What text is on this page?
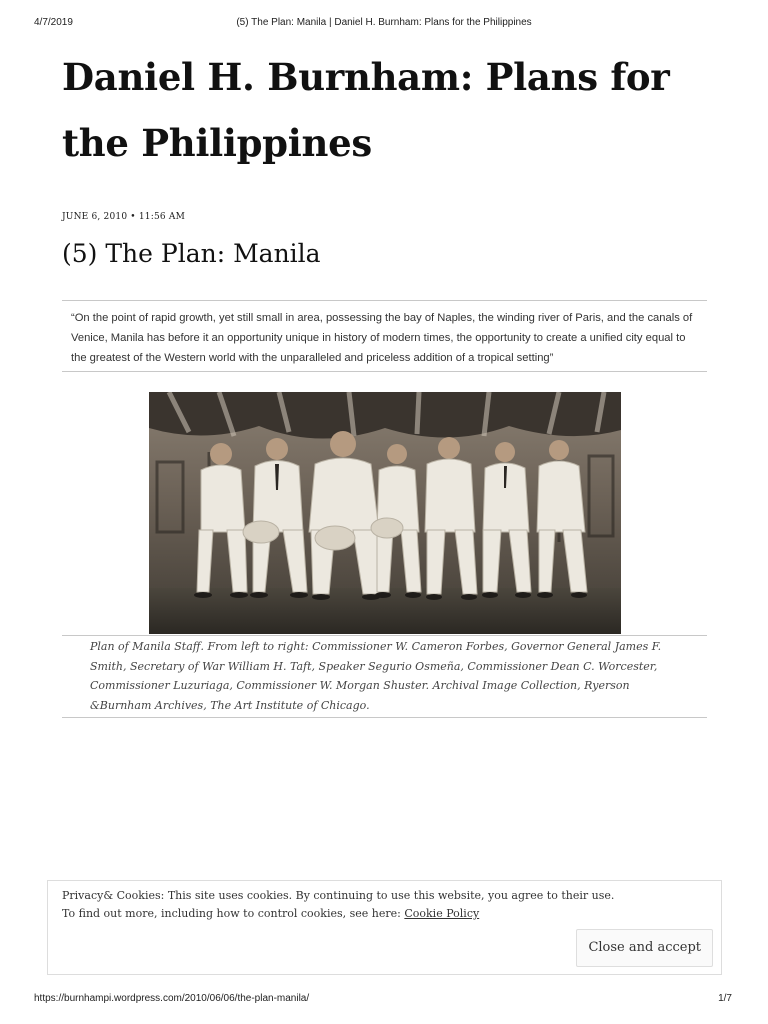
4/7/2019	(5) The Plan: Manila | Daniel H. Burnham: Plans for the Philippines
Daniel H. Burnham: Plans for the Philippines
JUNE 6, 2010 • 11:56 AM
(5) The Plan: Manila
“On the point of rapid growth, yet still small in area, possessing the bay of Naples, the winding river of Paris, and the canals of Venice, Manila has before it an opportunity unique in history of modern times, the opportunity to create a unified city equal to the greatest of the Western world with the unparalleled and priceless addition of a tropical setting”

Plan of Manila Staff. From left to right: Commissioner W. Cameron Forbes, Governor General James F. Smith, Secretary of War William H. Taft, Speaker Segurio Osmeña, Commissioner Dean C. Worcester, Commissioner Luzuriaga, Commissioner W. Morgan Shuster. Archival Image Collection, Ryerson &Burnham Archives, The Art Institute of Chicago.

Privacy& Cookies: This site uses cookies. By continuing to use this website, you agree to their use.
To find out more, including how to control cookies, see here: Cookie Policy

Close and accept
https://burnhampi.wordpress.com/2010/06/06/the-plan-manila/	1/7
